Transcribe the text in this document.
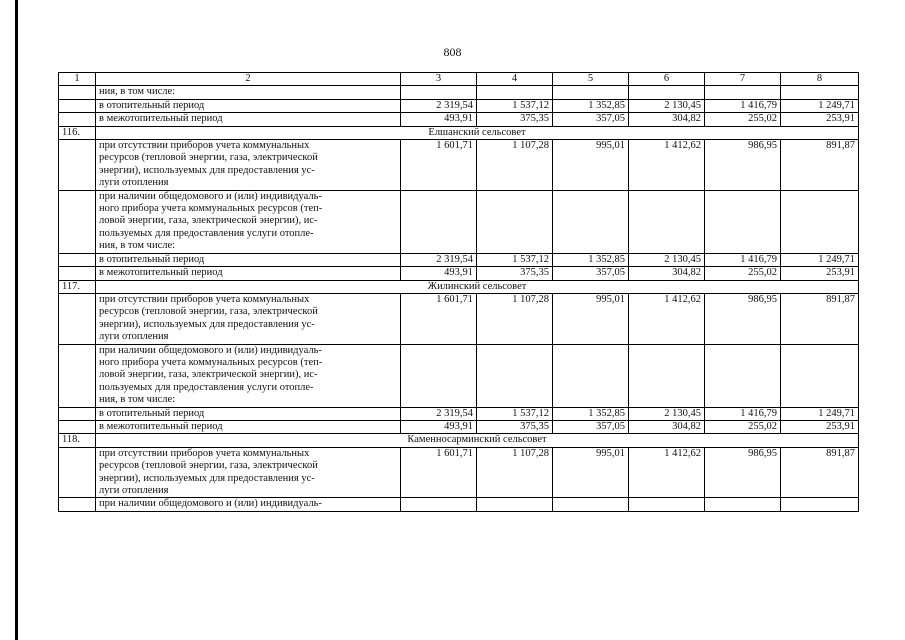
808
1	2	3	4	5	6	7	8
	ния, в том числе:						
	в отопительный период	2 319,54	1 537,12	1 352,85	2 130,45	1 416,79	1 249,71
	в межотопительный период	493,91	375,35	357,05	304,82	255,02	253,91
116.	Елшанский сельсовет						

	при отсутствии приборов учета коммунальных
ресурсов (тепловой энергии, газа, электрической
энергии), используемых для предоставления ус-
луги отопления	1 601,71	1 107,28	995,01	1 412,62	986,95	891,87

	при наличии общедомового и (или) индивидуаль-
ного прибора учета коммунальных ресурсов (теп-
ловой энергии, газа, электрической энергии), ис-
пользуемых для предоставления услуги отопле-
ния, в том числе:						

	в отопительный период	2 319,54	1 537,12	1 352,85	2 130,45	1 416,79	1 249,71
	в межотопительный период	493,91	375,35	357,05	304,82	255,02	253,91
117.	Жилинский сельсовет						

	при отсутствии приборов учета коммунальных
ресурсов (тепловой энергии, газа, электрической
энергии), используемых для предоставления ус-
луги отопления	1 601,71	1 107,28	995,01	1 412,62	986,95	891,87

	при наличии общедомового и (или) индивидуаль-
ного прибора учета коммунальных ресурсов (теп-
ловой энергии, газа, электрической энергии), ис-
пользуемых для предоставления услуги отопле-
ния, в том числе:						

	в отопительный период	2 319,54	1 537,12	1 352,85	2 130,45	1 416,79	1 249,71
	в межотопительный период	493,91	375,35	357,05	304,82	255,02	253,91
118.	Каменносарминский сельсовет						

	при отсутствии приборов учета коммунальных
ресурсов (тепловой энергии, газа, электрической
энергии), используемых для предоставления ус-
луги отопления	1 601,71	1 107,28	995,01	1 412,62	986,95	891,87
	при наличии общедомового и (или) индивидуаль-						
